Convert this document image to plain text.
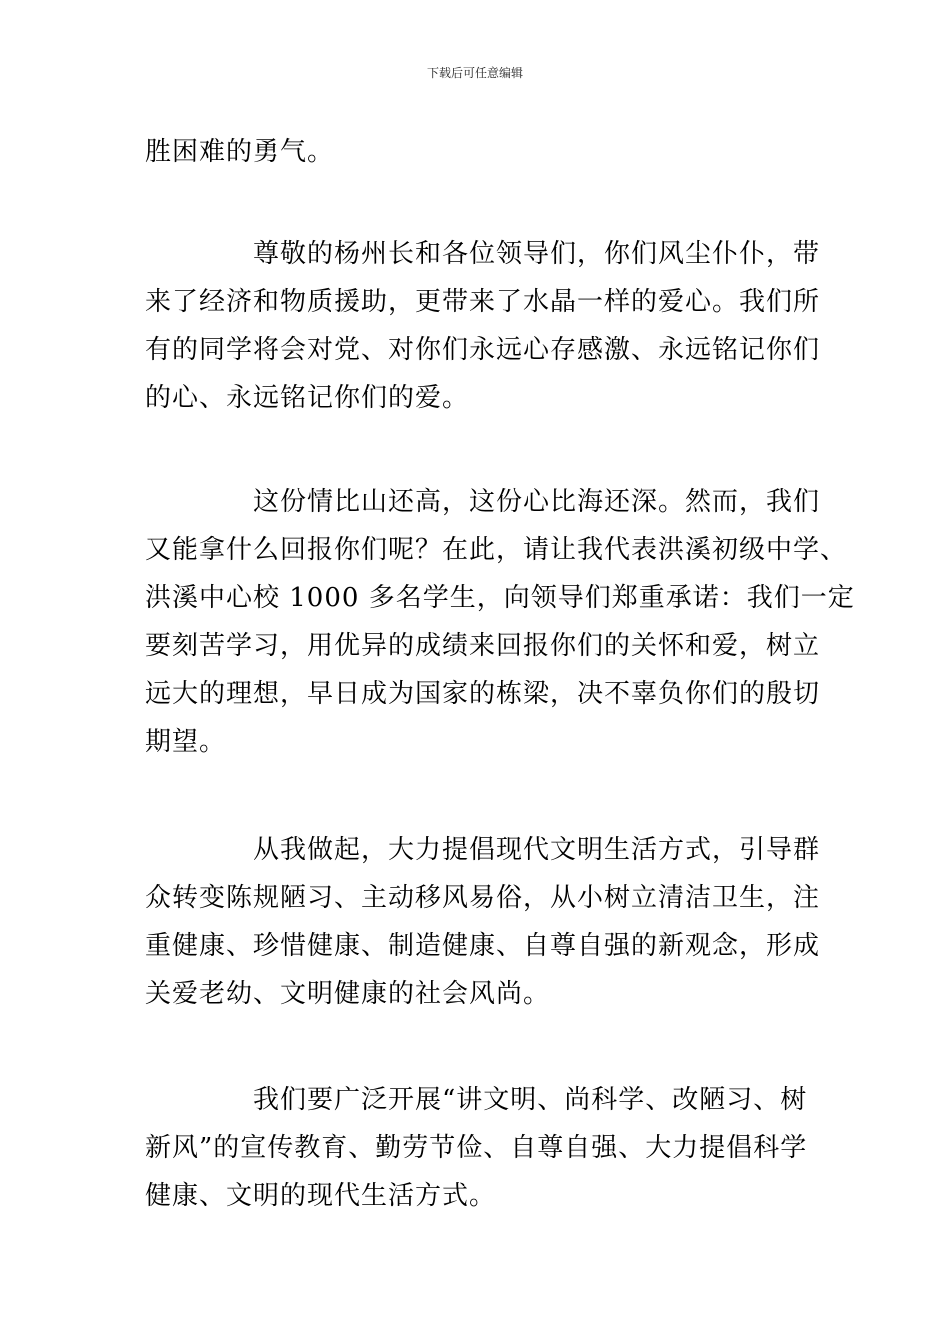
下载后可任意编辑

胜困难的勇气。

尊敬的杨州长和各位领导们，你们风尘仆仆，带
来了经济和物质援助，更带来了水晶一样的爱心。我们所
有的同学将会对党、对你们永远心存感激、永远铭记你们
的心、永远铭记你们的爱。

这份情比山还高，这份心比海还深。然而，我们
又能拿什么回报你们呢？在此，请让我代表洪溪初级中学、
洪溪中心校 1000 多名学生，向领导们郑重承诺：我们一定
要刻苦学习，用优异的成绩来回报你们的关怀和爱，树立
远大的理想，早日成为国家的栋梁，决不辜负你们的殷切
期望。

从我做起，大力提倡现代文明生活方式，引导群
众转变陈规陋习、主动移风易俗，从小树立清洁卫生，注
重健康、珍惜健康、制造健康、自尊自强的新观念，形成
关爱老幼、文明健康的社会风尚。

我们要广泛开展“讲文明、尚科学、改陋习、树
新风”的宣传教育、勤劳节俭、自尊自强、大力提倡科学
健康、文明的现代生活方式。
